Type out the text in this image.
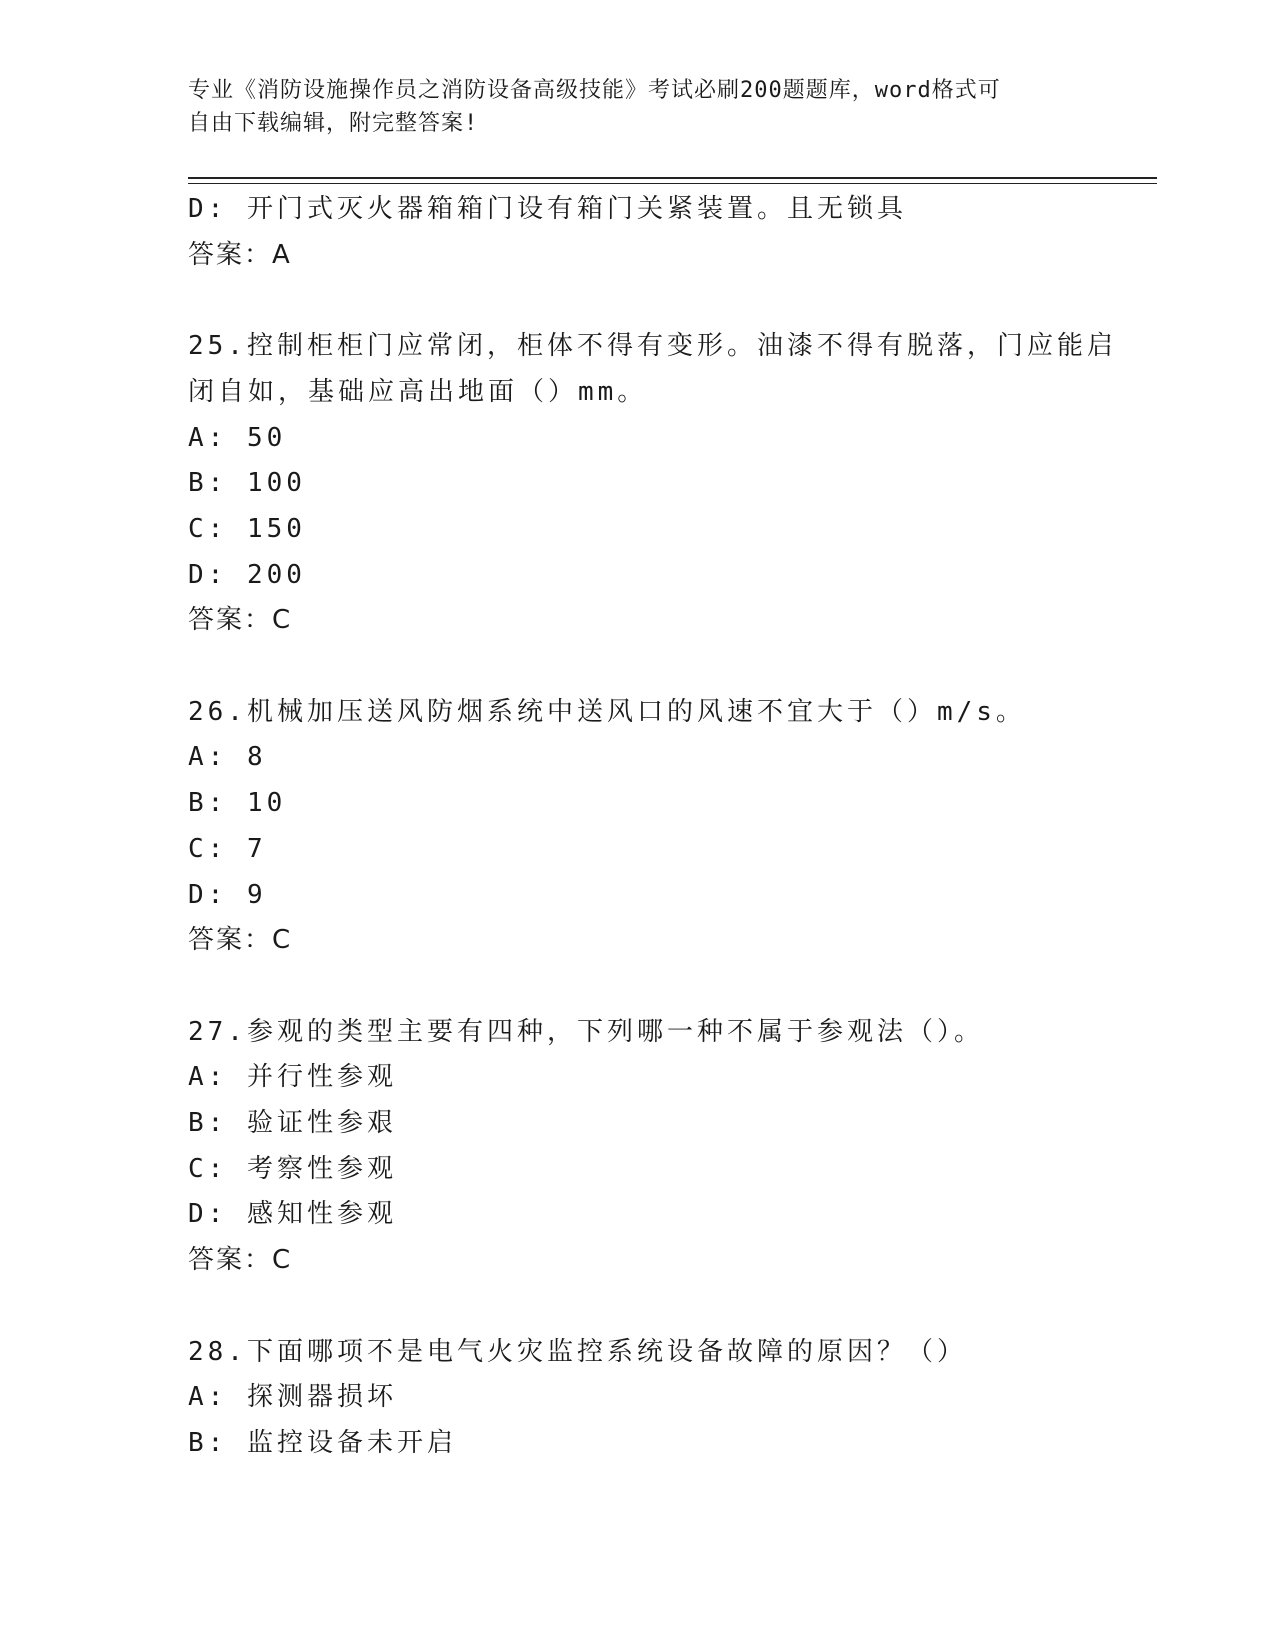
专业《消防设施操作员之消防设备高级技能》考试必刷200题题库，word格式可
自由下载编辑，附完整答案!
D: 开门式灭火器箱箱门设有箱门关紧装置。且无锁具
答案：A
25.控制柜柜门应常闭，柜体不得有变形。油漆不得有脱落，门应能启
闭自如，基础应高出地面（）mm。
A: 50
B: 100
C: 150
D: 200
答案：C
26.机械加压送风防烟系统中送风口的风速不宜大于（）m/s。
A: 8
B: 10
C: 7
D: 9
答案：C
27.参观的类型主要有四种，下列哪一种不属于参观法（）。
A: 并行性参观
B: 验证性参艰
C: 考察性参观
D: 感知性参观
答案：C
28.下面哪项不是电气火灾监控系统设备故障的原因？（）
A: 探测器损坏
B: 监控设备未开启
